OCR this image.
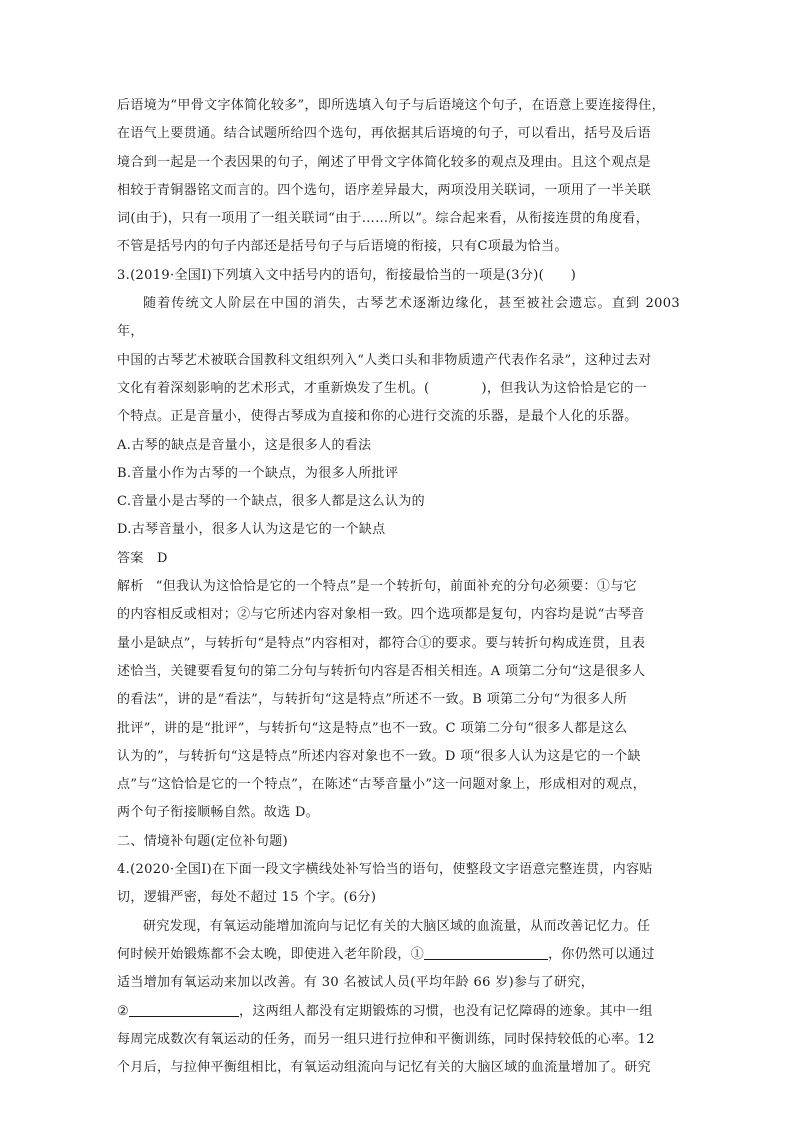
后语境为“甲骨文字体简化较多”，即所选填入句子与后语境这个句子，在语意上要连接得住，

在语气上要贯通。结合试题所给四个选句，再依据其后语境的句子，可以看出，括号及后语

境合到一起是一个表因果的句子，阐述了甲骨文字体简化较多的观点及理由。且这个观点是

相较于青铜器铭文而言的。四个选句，语序差异最大，两项没用关联词，一项用了一半关联

词(由于)，只有一项用了一组关联词“由于……所以”。综合起来看，从衔接连贯的角度看，

不管是括号内的句子内部还是括号句子与后语境的衔接，只有C项最为恰当。

3.(2019·全国Ⅰ)下列填入文中括号内的语句，衔接最恰当的一项是(3分)(　　)

随着传统文人阶层在中国的消失，古琴艺术逐渐边缘化，甚至被社会遗忘。直到 2003 年，

中国的古琴艺术被联合国教科文组织列入“人类口头和非物质遗产代表作名录”，这种过去对

文化有着深刻影响的艺术形式，才重新焕发了生机。(	)，但我认为这恰恰是它的一

个特点。正是音量小，使得古琴成为直接和你的心进行交流的乐器，是最个人化的乐器。

A.古琴的缺点是音量小，这是很多人的看法

B.音量小作为古琴的一个缺点，为很多人所批评

C.音量小是古琴的一个缺点，很多人都是这么认为的

D.古琴音量小，很多人认为这是它的一个缺点

答案 D

解析 “但我认为这恰恰是它的一个特点”是一个转折句，前面补充的分句必须要：①与它

的内容相反或相对；②与它所述内容对象相一致。四个选项都是复句，内容均是说“古琴音

量小是缺点”，与转折句“是特点”内容相对，都符合①的要求。要与转折句构成连贯，且表

述恰当，关键要看复句的第二分句与转折句内容是否相关相连。A 项第二分句“这是很多人

的看法”，讲的是“看法”，与转折句“这是特点”所述不一致。B 项第二分句“为很多人所

批评”，讲的是“批评”，与转折句“这是特点”也不一致。C 项第二分句“很多人都是这么

认为的”，与转折句“这是特点”所述内容对象也不一致。D 项“很多人认为这是它的一个缺

点”与“这恰恰是它的一个特点”，在陈述“古琴音量小”这一问题对象上，形成相对的观点，

两个句子衔接顺畅自然。故选 D。

二、情境补句题(定位补句题)

4.(2020·全国Ⅰ)在下面一段文字横线处补写恰当的语句，使整段文字语意完整连贯，内容贴

切，逻辑严密，每处不超过 15 个字。(6分)

研究发现，有氧运动能增加流向与记忆有关的大脑区域的血流量，从而改善记忆力。任

何时候开始锻炼都不会太晚，即使进入老年阶段，①	，你仍然可以通过

适当增加有氧运动来加以改善。有 30 名被试人员(平均年龄 66 岁)参与了研究，

②	，这两组人都没有定期锻炼的习惯，也没有记忆障碍的迹象。其中一组

每周完成数次有氧运动的任务，而另一组只进行拉伸和平衡训练，同时保持较低的心率。12

个月后，与拉伸平衡组相比，有氧运动组流向与记忆有关的大脑区域的血流量增加了。研究
